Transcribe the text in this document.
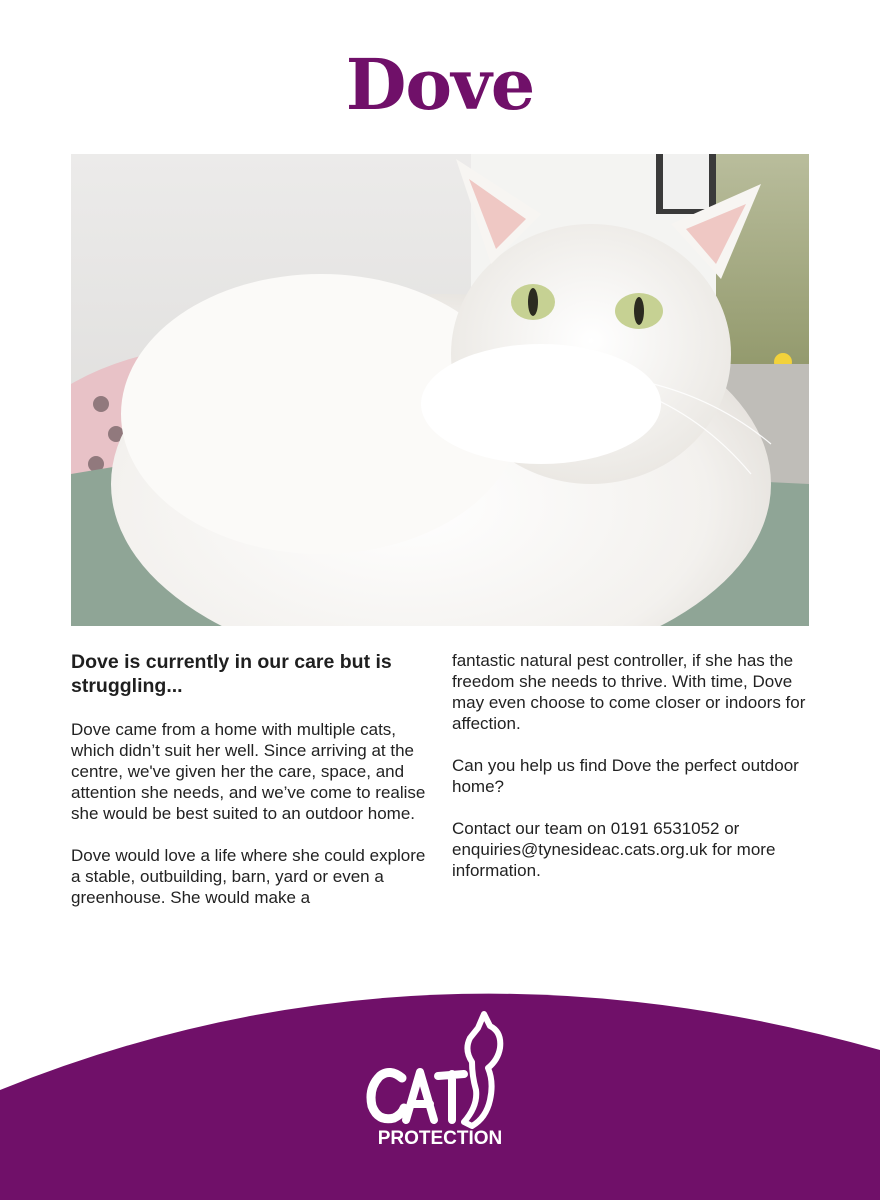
Dove
Dove is currently in our care but is struggling...

Dove came from a home with multiple cats, which didn’t suit her well. Since arriving at the centre, we've given her the care, space, and attention she needs, and we’ve come to realise she would be best suited to an outdoor home.

Dove would love a life where she could explore a stable, outbuilding, barn, yard or even a greenhouse. She would make a

fantastic natural pest controller, if she has the freedom she needs to thrive. With time, Dove may even choose to come closer or indoors for affection.

Can you help us find Dove the perfect outdoor home?

Contact our team on 0191 6531052 or enquiries@tynesideac.cats.org.uk for more information.

PROTECTION
